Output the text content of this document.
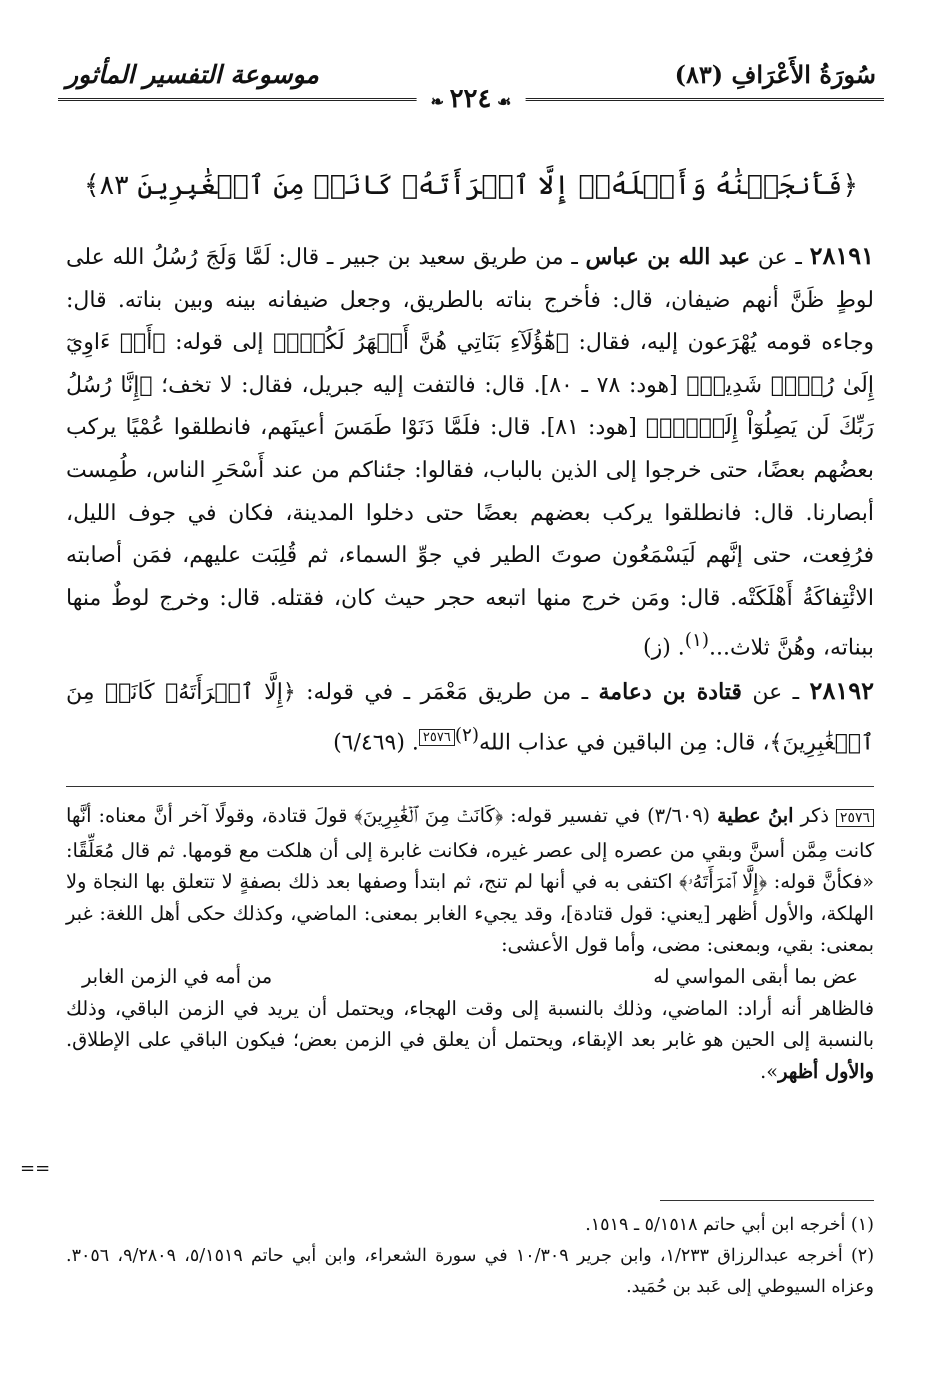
موسوعة التفسير المأثور	سُورَةُ الأَعْرَافِ (٨٣)
❧ ٢٢٤ ☙
﴿فَأَنجَيۡنَٰهُ وَأَهۡلَهُۥٓ إِلَّا ٱمۡرَأَتَهُۥ كَانَتۡ مِنَ ٱلۡغَٰبِرِينَ ٨٣﴾

٢٨١٩١ ـ عن عبد الله بن عباس ـ من طريق سعيد بن جبير ـ قال: لَمَّا وَلَجَ رُسُلُ الله على لوطٍ ظَنَّ أنهم ضيفان، قال: فأخرج بناته بالطريق، وجعل ضيفانه بينه وبين بناته. قال: وجاءه قومه يُهْرَعون إليه، فقال: ﴿هَٰٓؤُلَآءِ بَنَاتِي هُنَّ أَطۡهَرُ لَكُمۡۖ﴾ إلى قوله: ﴿أَوۡ ءَاوِيٓ إِلَىٰ رُكۡنٖ شَدِيدٖ﴾ [هود: ٧٨ ـ ٨٠]. قال: فالتفت إليه جبريل، فقال: لا تخف؛ ﴿إِنَّا رُسُلُ رَبِّكَ لَن يَصِلُوٓاْ إِلَيۡكَۖ﴾ [هود: ٨١]. قال: فلَمَّا دَنَوْا طَمَسَ أعينَهم، فانطلقوا عُمْيًا يركب بعضُهم بعضًا، حتى خرجوا إلى الذين بالباب، فقالوا: جئناكم من عند أَسْحَرِ الناس، طُمِست أبصارنا. قال: فانطلقوا يركب بعضهم بعضًا حتى دخلوا المدينة، فكان في جوف الليل، فرُفِعت، حتى إنَّهم لَيَسْمَعُون صوتَ الطير في جوِّ السماء، ثم قُلِبَت عليهم، فمَن أصابته الائْتِفاكَةُ أَهْلَكَتْه. قال: ومَن خرج منها اتبعه حجر حيث كان، فقتله. قال: وخرج لوطٌ منها ببناته، وهُنَّ ثلاث...$^{(١)}$. (ز)

٢٨١٩٢ ـ عن قتادة بن دعامة ـ من طريق مَعْمَر ـ في قوله: ﴿إِلَّا ٱمۡرَأَتَهُۥ كَانَتۡ مِنَ ٱلۡغَٰبِرِينَ﴾، قال: مِن الباقين في عذاب الله$^{(٢)٢٥٧٦}$. (٦/٤٦٩)

٢٥٧٦ ذكر ابنُ عطية (٣/٦٠٩) في تفسير قوله: ﴿كَانَتۡ مِنَ ٱلۡغَٰبِرِينَ﴾ قولَ قتادة، وقولًا آخر أنَّ معناه: أنَّها كانت مِمَّن أسنَّ وبقي من عصره إلى عصر غيره، فكانت غابرة إلى أن هلكت مع قومها. ثم قال مُعَلِّقًا: «فكأنَّ قوله: ﴿إِلَّا ٱمۡرَأَتَهُۥ﴾ اكتفى به في أنها لم تنج، ثم ابتدأ وصفها بعد ذلك بصفةٍ لا تتعلق بها النجاة ولا الهلكة، والأول أظهر [يعني: قول قتادة]، وقد يجيء الغابر بمعنى: الماضي، وكذلك حكى أهل اللغة: غبر بمعنى: بقي، وبمعنى: مضى، وأما قول الأعشى:

عض بما أبقى المواسي له
من أمه في الزمن الغابر

فالظاهر أنه أراد: الماضي، وذلك بالنسبة إلى وقت الهجاء، ويحتمل أن يريد في الزمن الباقي، وذلك بالنسبة إلى الحين هو غابر بعد الإبقاء، ويحتمل أن يعلق في الزمن بعض؛ فيكون الباقي على الإطلاق. والأول أظهر».

==

(١) أخرجه ابن أبي حاتم ٥/١٥١٨ ـ ١٥١٩.

(٢) أخرجه عبدالرزاق ١/٢٣٣، وابن جرير ١٠/٣٠٩ في سورة الشعراء، وابن أبي حاتم ٥/١٥١٩، ٩/٢٨٠٩، ٣٠٥٦. وعزاه السيوطي إلى عَبد بن حُمَيد.
